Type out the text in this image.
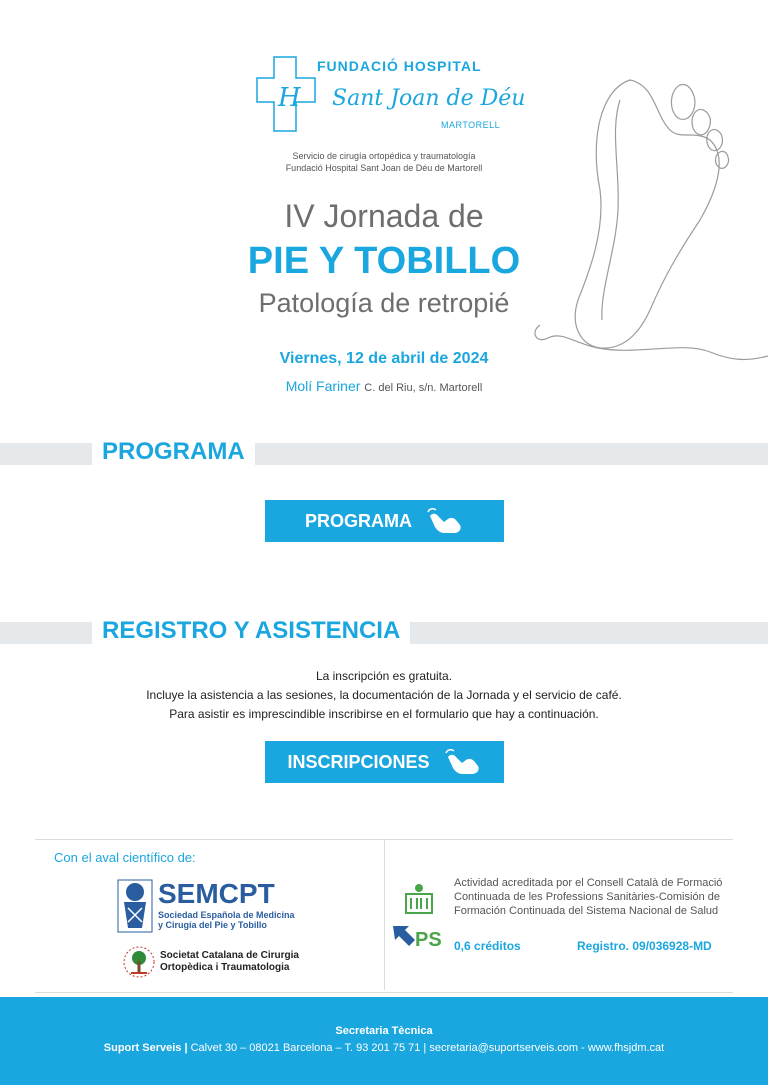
H
FUNDACIÓ HOSPITAL
Sant Joan de Déu
MARTORELL
Servicio de cirugía ortopédica y traumatología
Fundació Hospital Sant Joan de Déu de Martorell
IV Jornada de
PIE Y TOBILLO
Patología de retropié
Viernes, 12 de abril de 2024
Molí Fariner C. del Riu, s/n. Martorell
PROGRAMA
PROGRAMA
REGISTRO Y ASISTENCIA
La inscripción es gratuita.
Incluye la asistencia a las sesiones, la documentación de la Jornada y el servicio de café.
Para asistir es imprescindible inscribirse en el formulario que hay a continuación.
INSCRIPCIONES
Con el aval científico de:
SEMCPT
Sociedad Española de Medicina
y Cirugía del Pie y Tobillo
Societat Catalana de Cirurgia
Ortopèdica i Traumatologia
PS
Actividad acreditada por el Consell Català de Formació Continuada de les Professions Sanitàries-Comisión de Formación Continuada del Sistema Nacional de Salud
0,6 créditos	Registro. 09/036928-MD
Secretaria Tècnica
Suport Serveis | Calvet 30 – 08021 Barcelona – T. 93 201 75 71 | secretaria@suportserveis.com - www.fhsjdm.cat
